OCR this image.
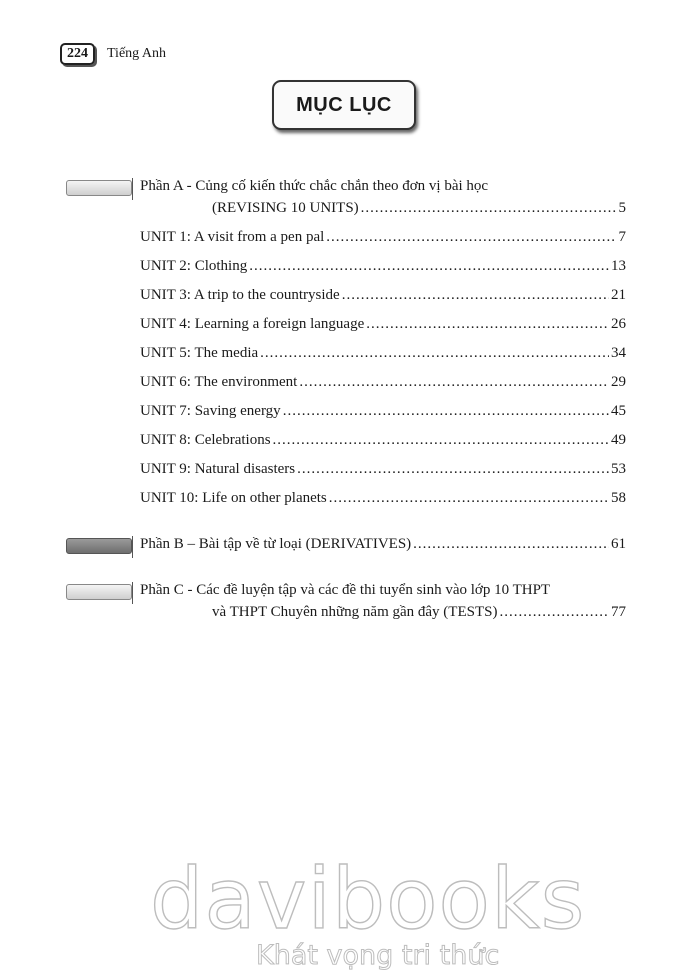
224	Tiếng Anh
MỤC LỤC
Phần A - Củng cố kiến thức chắc chắn theo đơn vị bài học
(REVISING 10 UNITS) .....	5
UNIT 1: A visit from a pen pal .....	7
UNIT 2: Clothing .....	13
UNIT 3: A trip to the countryside .....	21
UNIT 4: Learning a foreign language .....	26
UNIT 5: The media .....	34
UNIT 6: The environment .....	29
UNIT 7: Saving energy .....	45
UNIT 8: Celebrations .....	49
UNIT 9: Natural disasters .....	53
UNIT 10: Life on other planets .....	58
Phần B – Bài tập về từ loại (DERIVATIVES) .....	61
Phần C - Các đề luyện tập và các đề thi tuyển sinh vào lớp 10 THPT
và THPT Chuyên những năm gần đây (TESTS) .....	77
davibooks
Khát vọng tri thức
